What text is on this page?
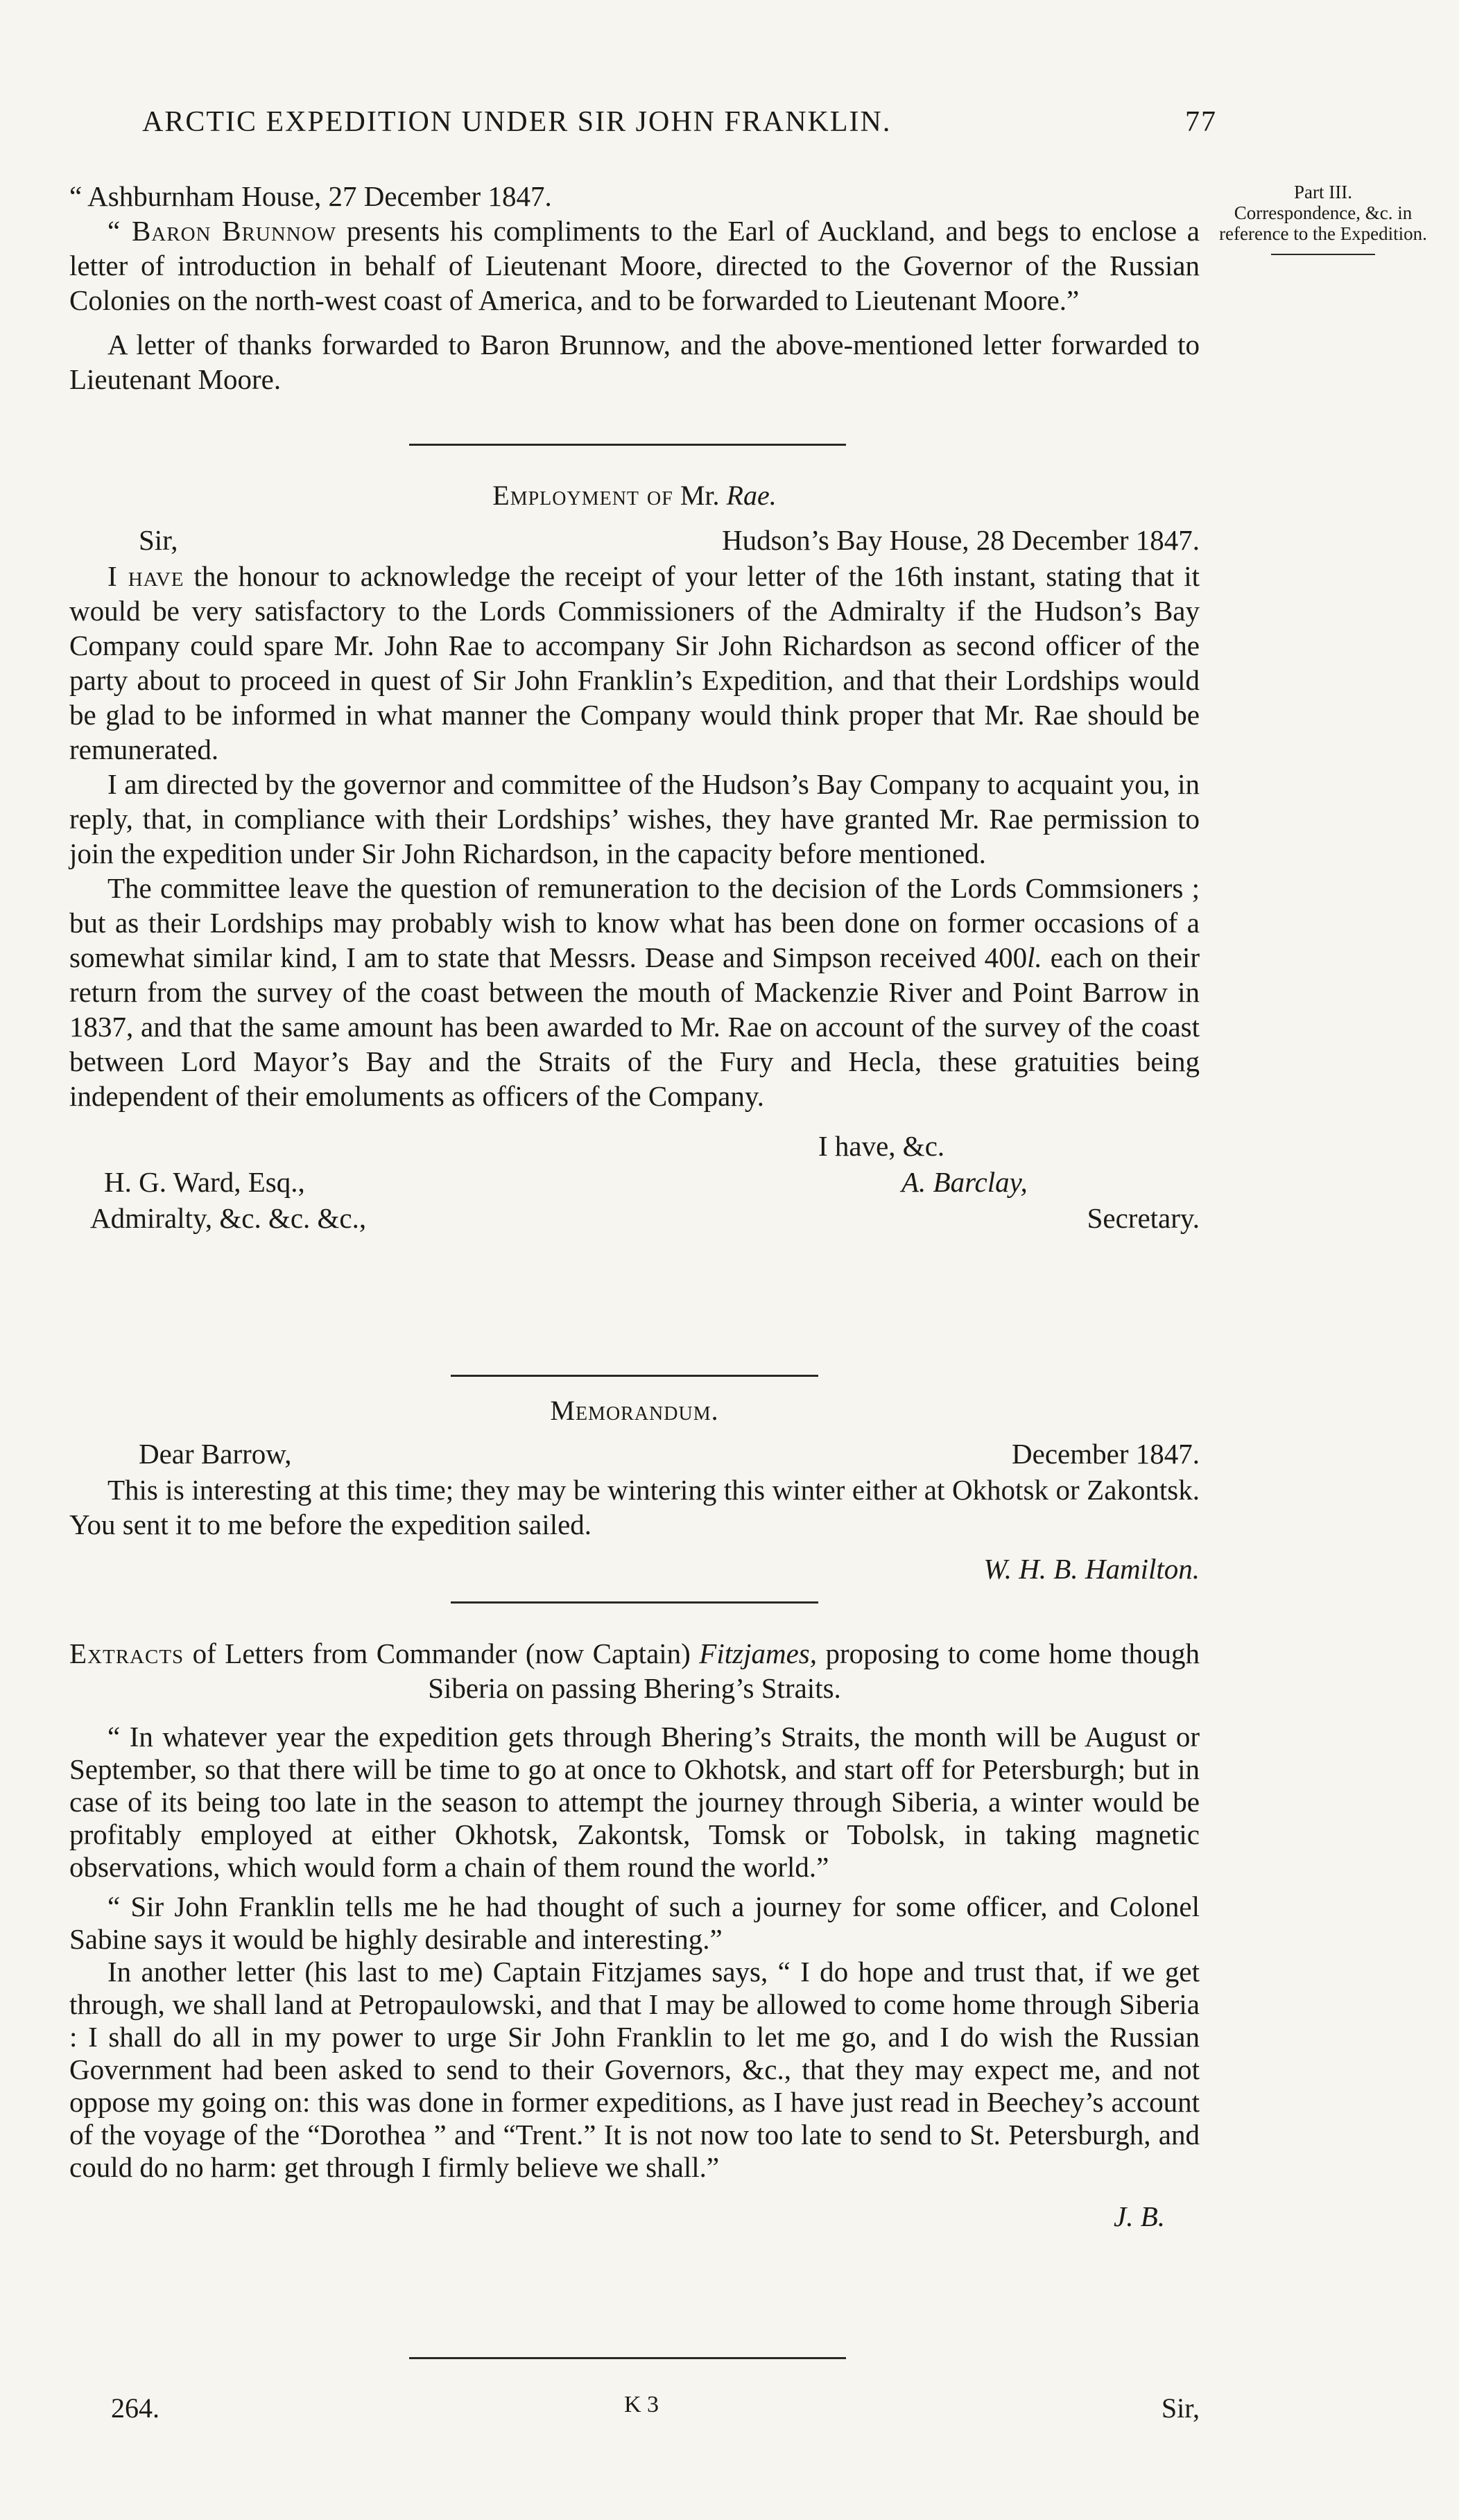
ARCTIC EXPEDITION UNDER SIR JOHN FRANKLIN.	77
Part III.
Correspondence, &c. in reference to the Expedition.

“ Ashburnham House, 27 December 1847.

“ Baron Brunnow presents his compliments to the Earl of Auckland, and begs to enclose a letter of introduction in behalf of Lieutenant Moore, directed to the Governor of the Russian Colonies on the north-west coast of America, and to be forwarded to Lieutenant Moore.”

A letter of thanks forwarded to Baron Brunnow, and the above-mentioned letter forwarded to Lieutenant Moore.

Employment of Mr. Rae.
Sir,	Hudson’s Bay House, 28 December 1847.

I have the honour to acknowledge the receipt of your letter of the 16th instant, stating that it would be very satisfactory to the Lords Commissioners of the Admiralty if the Hudson’s Bay Company could spare Mr. John Rae to accompany Sir John Richardson as second officer of the party about to proceed in quest of Sir John Franklin’s Expedition, and that their Lordships would be glad to be informed in what manner the Company would think proper that Mr. Rae should be remunerated.

I am directed by the governor and committee of the Hudson’s Bay Company to acquaint you, in reply, that, in compliance with their Lordships’ wishes, they have granted Mr. Rae permission to join the expedition under Sir John Richardson, in the capacity before mentioned.

The committee leave the question of remuneration to the decision of the Lords Commsioners ; but as their Lordships may probably wish to know what has been done on former occasions of a somewhat similar kind, I am to state that Messrs. Dease and Simpson received 400l. each on their return from the survey of the coast between the mouth of Mackenzie River and Point Barrow in 1837, and that the same amount has been awarded to Mr. Rae on account of the survey of the coast between Lord Mayor’s Bay and the Straits of the Fury and Hecla, these gratuities being independent of their emoluments as officers of the Company.

I have, &c.
H. G. Ward, Esq.,	A. Barclay,
Admiralty, &c. &c. &c.,	Secretary.
Memorandum.
Dear Barrow,	December 1847.

This is interesting at this time; they may be wintering this winter either at Okhotsk or Zakontsk. You sent it to me before the expedition sailed.

W. H. B. Hamilton.

Extracts of Letters from Commander (now Captain) Fitzjames, proposing to come home though Siberia on passing Bhering’s Straits.

“ In whatever year the expedition gets through Bhering’s Straits, the month will be August or September, so that there will be time to go at once to Okhotsk, and start off for Petersburgh; but in case of its being too late in the season to attempt the journey through Siberia, a winter would be profitably employed at either Okhotsk, Zakontsk, Tomsk or Tobolsk, in taking magnetic observations, which would form a chain of them round the world.”

“ Sir John Franklin tells me he had thought of such a journey for some officer, and Colonel Sabine says it would be highly desirable and interesting.”

In another letter (his last to me) Captain Fitzjames says, “ I do hope and trust that, if we get through, we shall land at Petropaulowski, and that I may be allowed to come home through Siberia : I shall do all in my power to urge Sir John Franklin to let me go, and I do wish the Russian Government had been asked to send to their Governors, &c., that they may expect me, and not oppose my going on: this was done in former expeditions, as I have just read in Beechey’s account of the voyage of the “Dorothea ” and “Trent.” It is not now too late to send to St. Petersburgh, and could do no harm: get through I firmly believe we shall.”

J. B.
264.	K 3	Sir,
